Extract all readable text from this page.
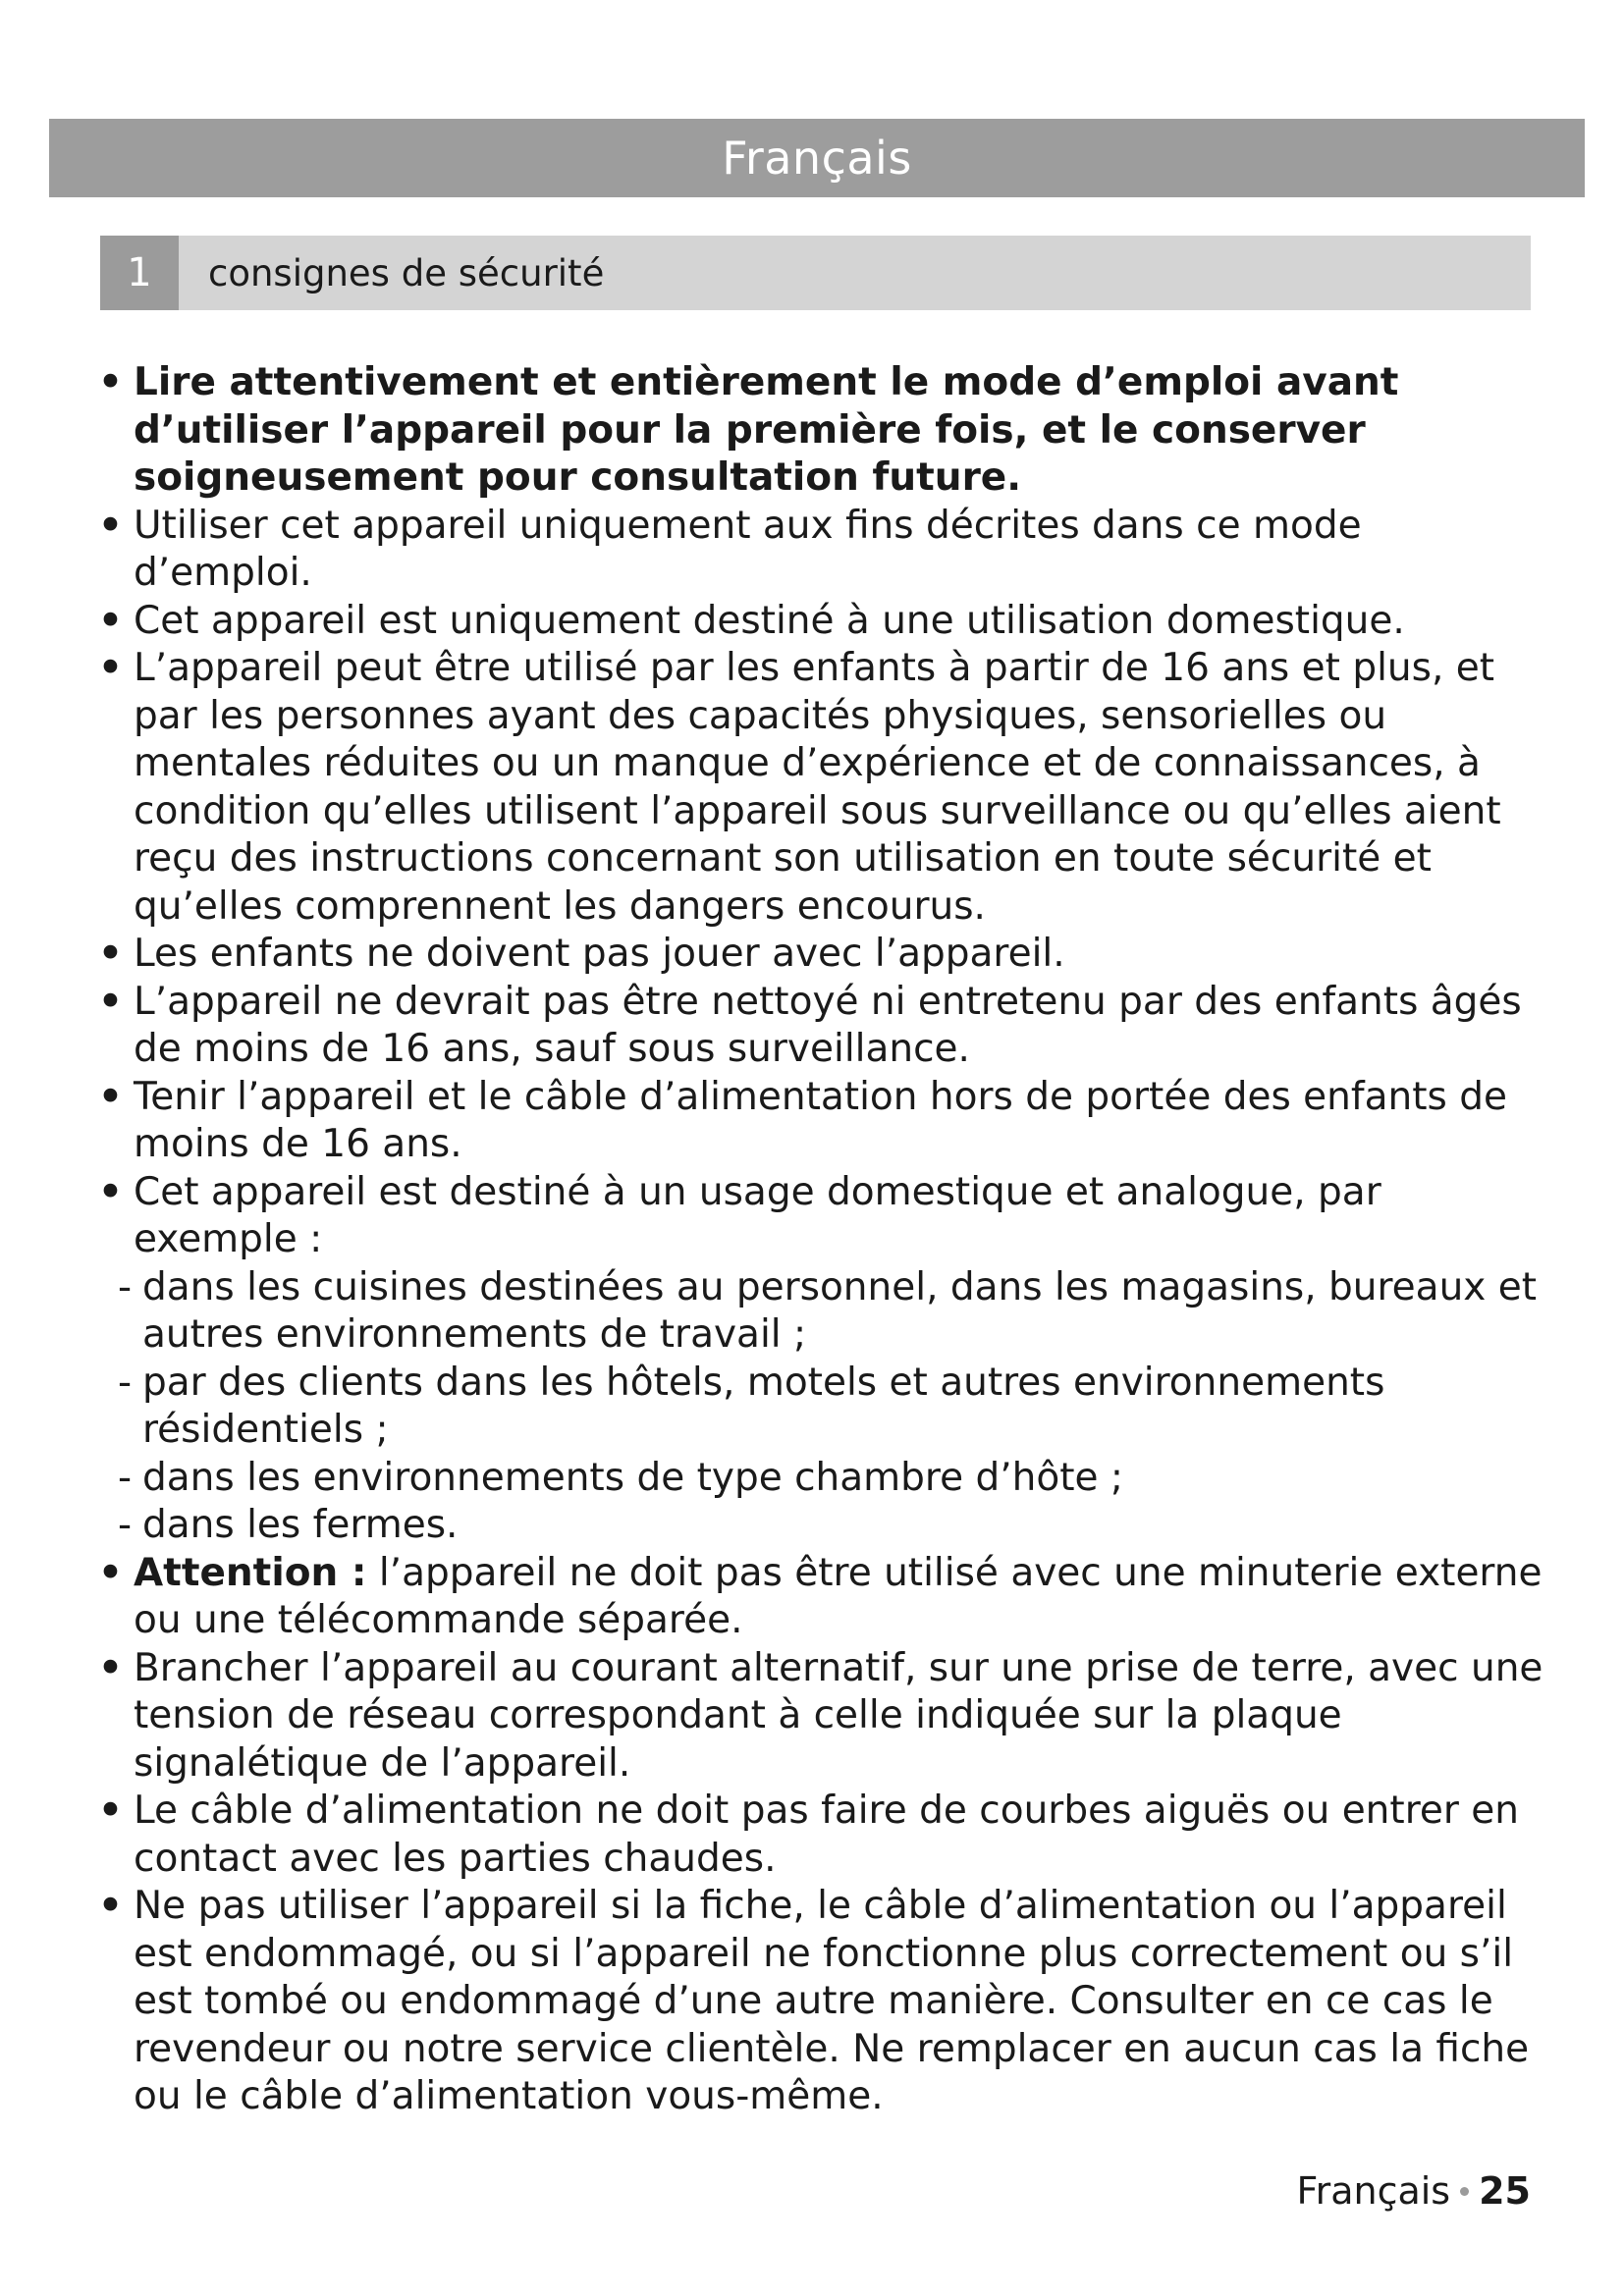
Français
1	consignes de sécurité
• Lire attentivement et entièrement le mode d’emploi avant d’utiliser l’appareil pour la première fois, et le conserver soigneusement pour consultation future.
• Utiliser cet appareil uniquement aux fins décrites dans ce mode d’emploi.
• Cet appareil est uniquement destiné à une utilisation domestique.
• L’appareil peut être utilisé par les enfants à partir de 16 ans et plus, et par les personnes ayant des capacités physiques, sensorielles ou mentales réduites ou un manque d’expérience et de connaissances, à condition qu’elles utilisent l’appareil sous surveillance ou qu’elles aient reçu des instructions concernant son utilisation en toute sécurité et qu’elles comprennent les dangers encourus.
• Les enfants ne doivent pas jouer avec l’appareil.
• L’appareil ne devrait pas être nettoyé ni entretenu par des enfants âgés de moins de 16 ans, sauf sous surveillance.
• Tenir l’appareil et le câble d’alimentation hors de portée des enfants de moins de 16 ans.
• Cet appareil est destiné à un usage domestique et analogue, par exemple :
- dans les cuisines destinées au personnel, dans les magasins, bureaux et autres environnements de travail ;
- par des clients dans les hôtels, motels et autres environnements résidentiels ;
- dans les environnements de type chambre d’hôte ;
- dans les fermes.
• Attention : l’appareil ne doit pas être utilisé avec une minuterie externe ou une télécommande séparée.
• Brancher l’appareil au courant alternatif, sur une prise de terre, avec une tension de réseau correspondant à celle indiquée sur la plaque signalétique de l’appareil.
• Le câble d’alimentation ne doit pas faire de courbes aiguës ou entrer en contact avec les parties chaudes.
• Ne pas utiliser l’appareil si la fiche, le câble d’alimentation ou l’appareil est endommagé, ou si l’appareil ne fonctionne plus correctement ou s’il est tombé ou endommagé d’une autre manière. Consulter en ce cas le revendeur ou notre service clientèle. Ne remplacer en aucun cas la fiche ou le câble d’alimentation vous-même.
Français 25
